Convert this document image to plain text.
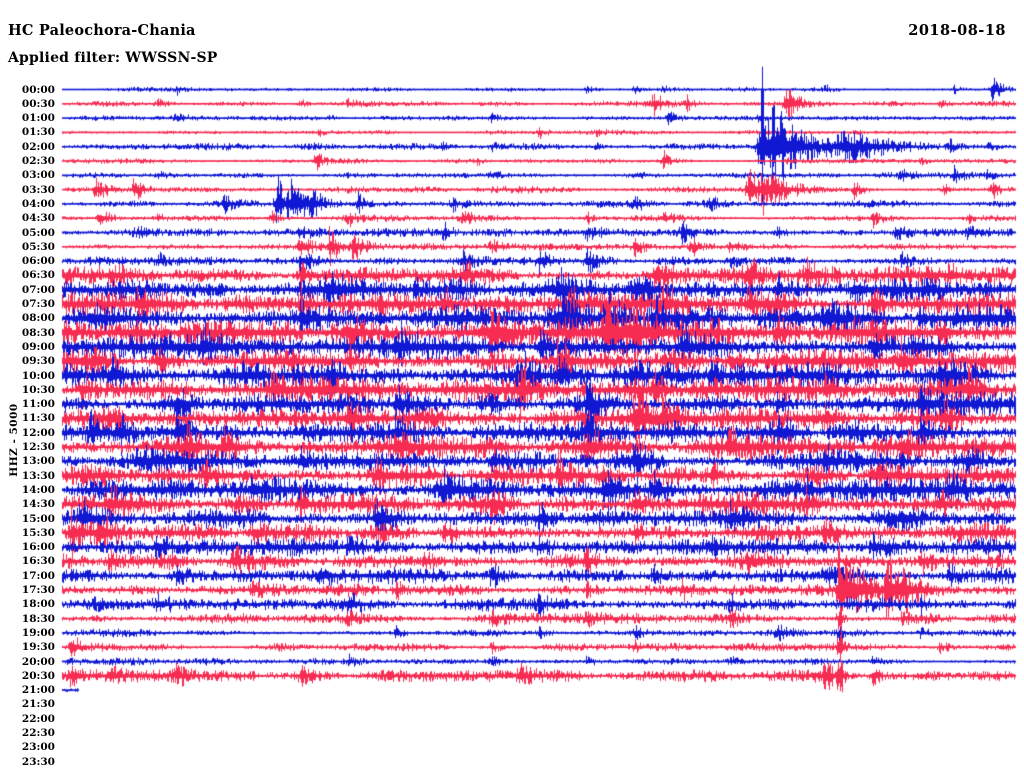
HC Paleochora-Chania
Applied filter: WWSSN-SP
2018-08-18
HHZ - 5000
00:00
00:30
01:00
01:30
02:00
02:30
03:00
03:30
04:00
04:30
05:00
05:30
06:00
06:30
07:00
07:30
08:00
08:30
09:00
09:30
10:00
10:30
11:00
11:30
12:00
12:30
13:00
13:30
14:00
14:30
15:00
15:30
16:00
16:30
17:00
17:30
18:00
18:30
19:00
19:30
20:00
20:30
21:00
21:30
22:00
22:30
23:00
23:30
